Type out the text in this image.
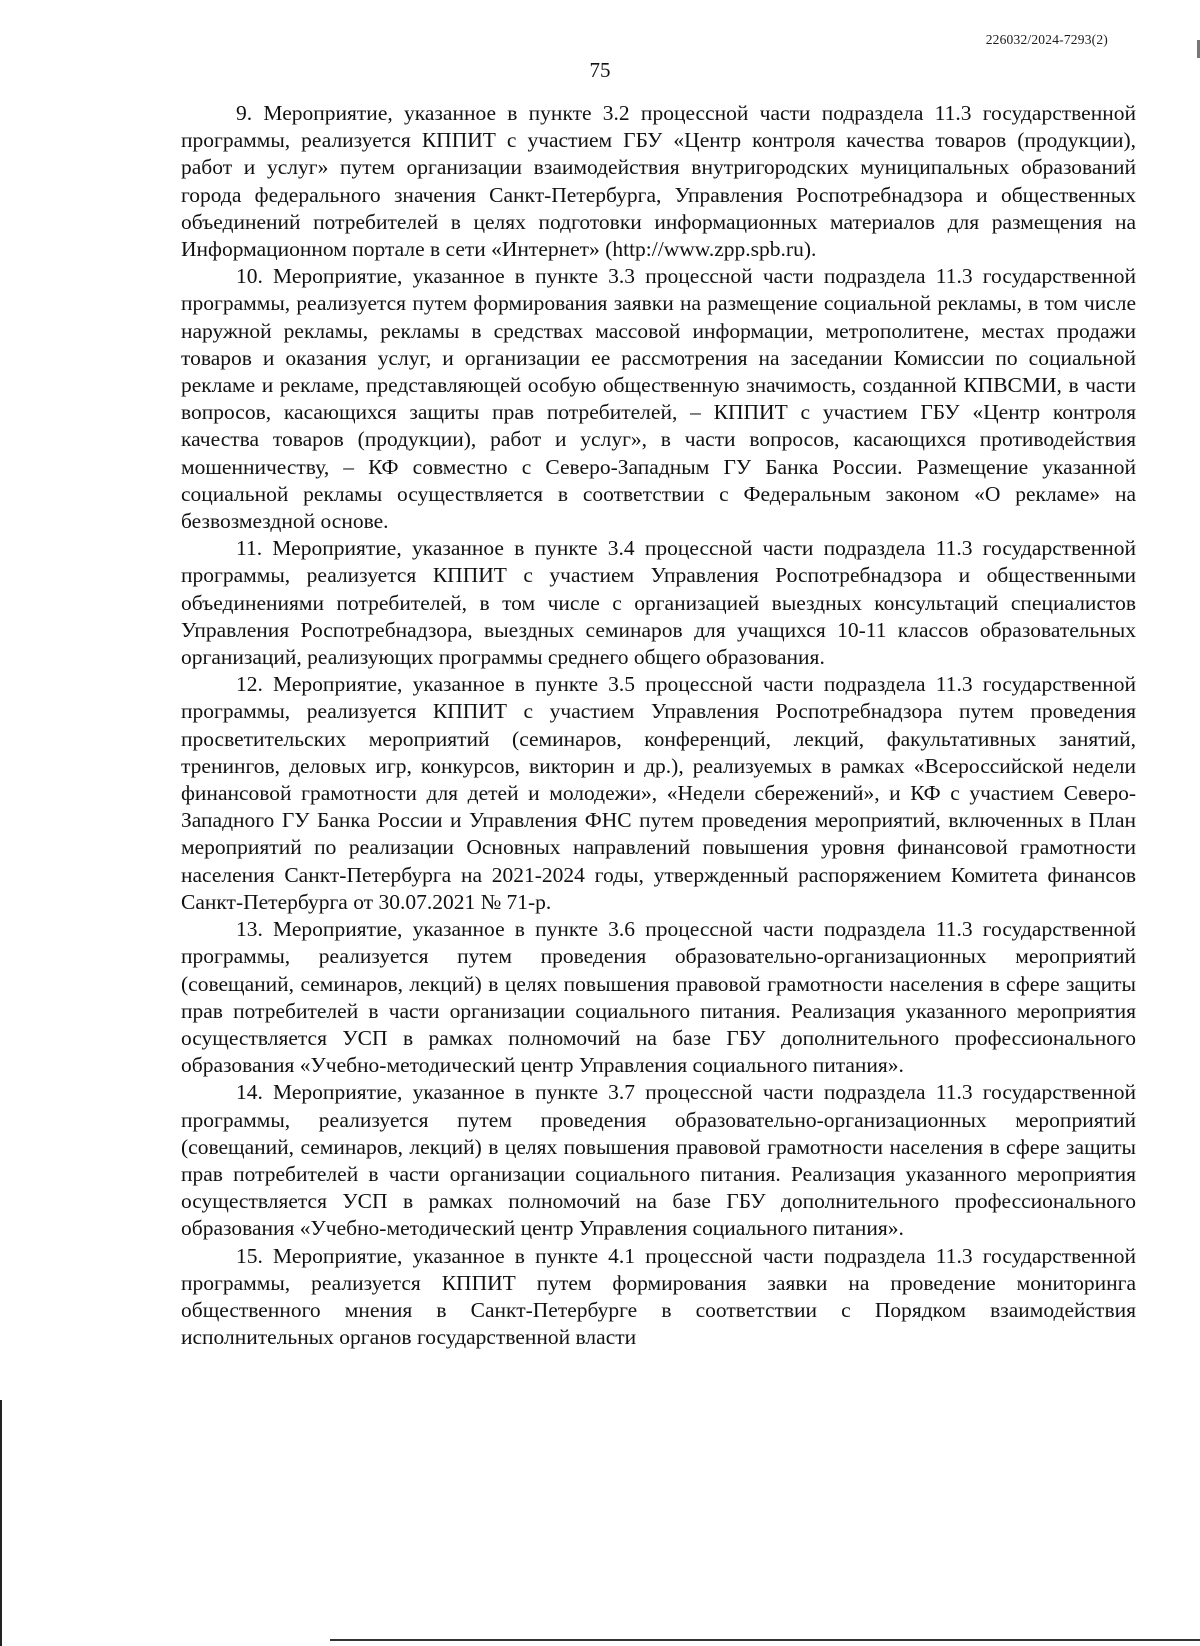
226032/2024-7293(2)
75

9. Мероприятие, указанное в пункте 3.2 процессной части подраздела 11.3 государственной программы, реализуется КППИТ с участием ГБУ «Центр контроля качества товаров (продукции), работ и услуг» путем организации взаимодействия внутригородских муниципальных образований города федерального значения Санкт-Петербурга, Управления Роспотребнадзора и общественных объединений потребителей в целях подготовки информационных материалов для размещения на Информационном портале в сети «Интернет» (http://www.zpp.spb.ru).

10. Мероприятие, указанное в пункте 3.3 процессной части подраздела 11.3 государственной программы, реализуется путем формирования заявки на размещение социальной рекламы, в том числе наружной рекламы, рекламы в средствах массовой информации, метрополитене, местах продажи товаров и оказания услуг, и организации ее рассмотрения на заседании Комиссии по социальной рекламе и рекламе, представляющей особую общественную значимость, созданной КПВСМИ, в части вопросов, касающихся защиты прав потребителей, – КППИТ с участием ГБУ «Центр контроля качества товаров (продукции), работ и услуг», в части вопросов, касающихся противодействия мошенничеству, – КФ совместно с Северо-Западным ГУ Банка России. Размещение указанной социальной рекламы осуществляется в соответствии с Федеральным законом «О рекламе» на безвозмездной основе.

11. Мероприятие, указанное в пункте 3.4 процессной части подраздела 11.3 государственной программы, реализуется КППИТ с участием Управления Роспотребнадзора и общественными объединениями потребителей, в том числе с организацией выездных консультаций специалистов Управления Роспотребнадзора, выездных семинаров для учащихся 10-11 классов образовательных организаций, реализующих программы среднего общего образования.

12. Мероприятие, указанное в пункте 3.5 процессной части подраздела 11.3 государственной программы, реализуется КППИТ с участием Управления Роспотребнадзора путем проведения просветительских мероприятий (семинаров, конференций, лекций, факультативных занятий, тренингов, деловых игр, конкурсов, викторин и др.), реализуемых в рамках «Всероссийской недели финансовой грамотности для детей и молодежи», «Недели сбережений», и КФ с участием Северо-Западного ГУ Банка России и Управления ФНС путем проведения мероприятий, включенных в План мероприятий по реализации Основных направлений повышения уровня финансовой грамотности населения Санкт-Петербурга на 2021-2024 годы, утвержденный распоряжением Комитета финансов Санкт-Петербурга от 30.07.2021 № 71-р.

13. Мероприятие, указанное в пункте 3.6 процессной части подраздела 11.3 государственной программы, реализуется путем проведения образовательно-организационных мероприятий (совещаний, семинаров, лекций) в целях повышения правовой грамотности населения в сфере защиты прав потребителей в части организации социального питания. Реализация указанного мероприятия осуществляется УСП в рамках полномочий на базе ГБУ дополнительного профессионального образования «Учебно-методический центр Управления социального питания».

14. Мероприятие, указанное в пункте 3.7 процессной части подраздела 11.3 государственной программы, реализуется путем проведения образовательно-организационных мероприятий (совещаний, семинаров, лекций) в целях повышения правовой грамотности населения в сфере защиты прав потребителей в части организации социального питания. Реализация указанного мероприятия осуществляется УСП в рамках полномочий на базе ГБУ дополнительного профессионального образования «Учебно-методический центр Управления социального питания».

15. Мероприятие, указанное в пункте 4.1 процессной части подраздела 11.3 государственной программы, реализуется КППИТ путем формирования заявки на проведение мониторинга общественного мнения в Санкт-Петербурге в соответствии с Порядком взаимодействия исполнительных органов государственной власти
